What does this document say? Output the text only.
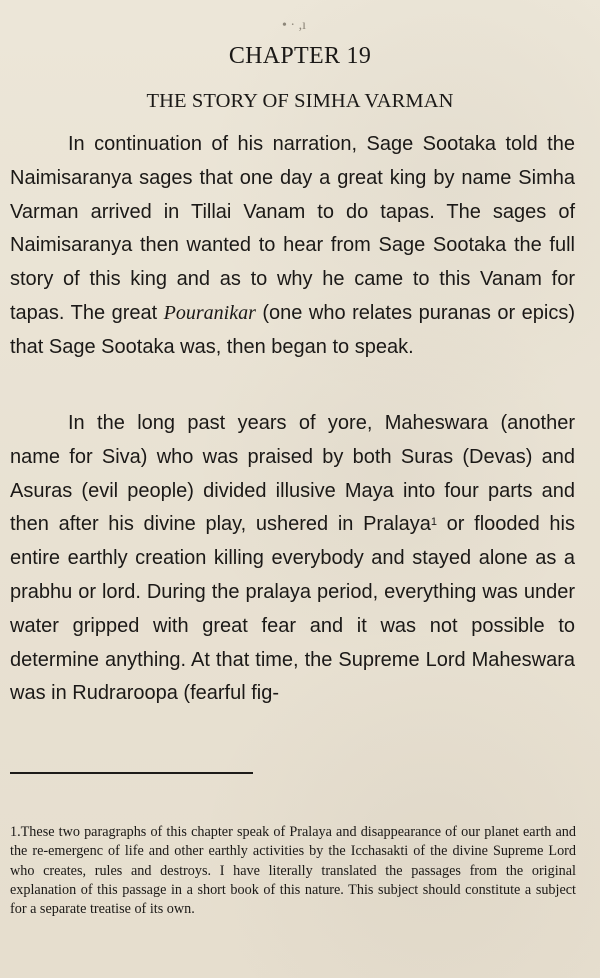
• · ,ı
CHAPTER 19
THE STORY OF SIMHA VARMAN

In continuation of his narration, Sage Sootaka told the Naimisaranya sages that one day a great king by name Simha Varman arrived in Tillai Vanam to do tapas. The sages of Naimisaranya then wanted to hear from Sage Sootaka the full story of this king and as to why he came to this Vanam for tapas. The great Pouranikar (one who relates puranas or epics) that Sage Sootaka was, then began to speak.

In the long past years of yore, Maheswara (another name for Siva) who was praised by both Suras (Devas) and Asuras (evil people) divided illusive Maya into four parts and then after his divine play, ushered in Pralaya$^1$ or flooded his entire earthly creation killing everybody and stayed alone as a prabhu or lord. During the pralaya period, everything was under water gripped with great fear and it was not possible to determine anything. At that time, the Supreme Lord Maheswara was in Rudraroopa (fearful fig-

1.These two paragraphs of this chapter speak of Pralaya and disappearance of our planet earth and the re-emergenc of life and other earthly activities by the Icchasakti of the divine Supreme Lord who creates, rules and destroys. I have literally translated the passages from the original explanation of this passage in a short book of this nature. This subject should constitute a subject for a separate treatise of its own.
